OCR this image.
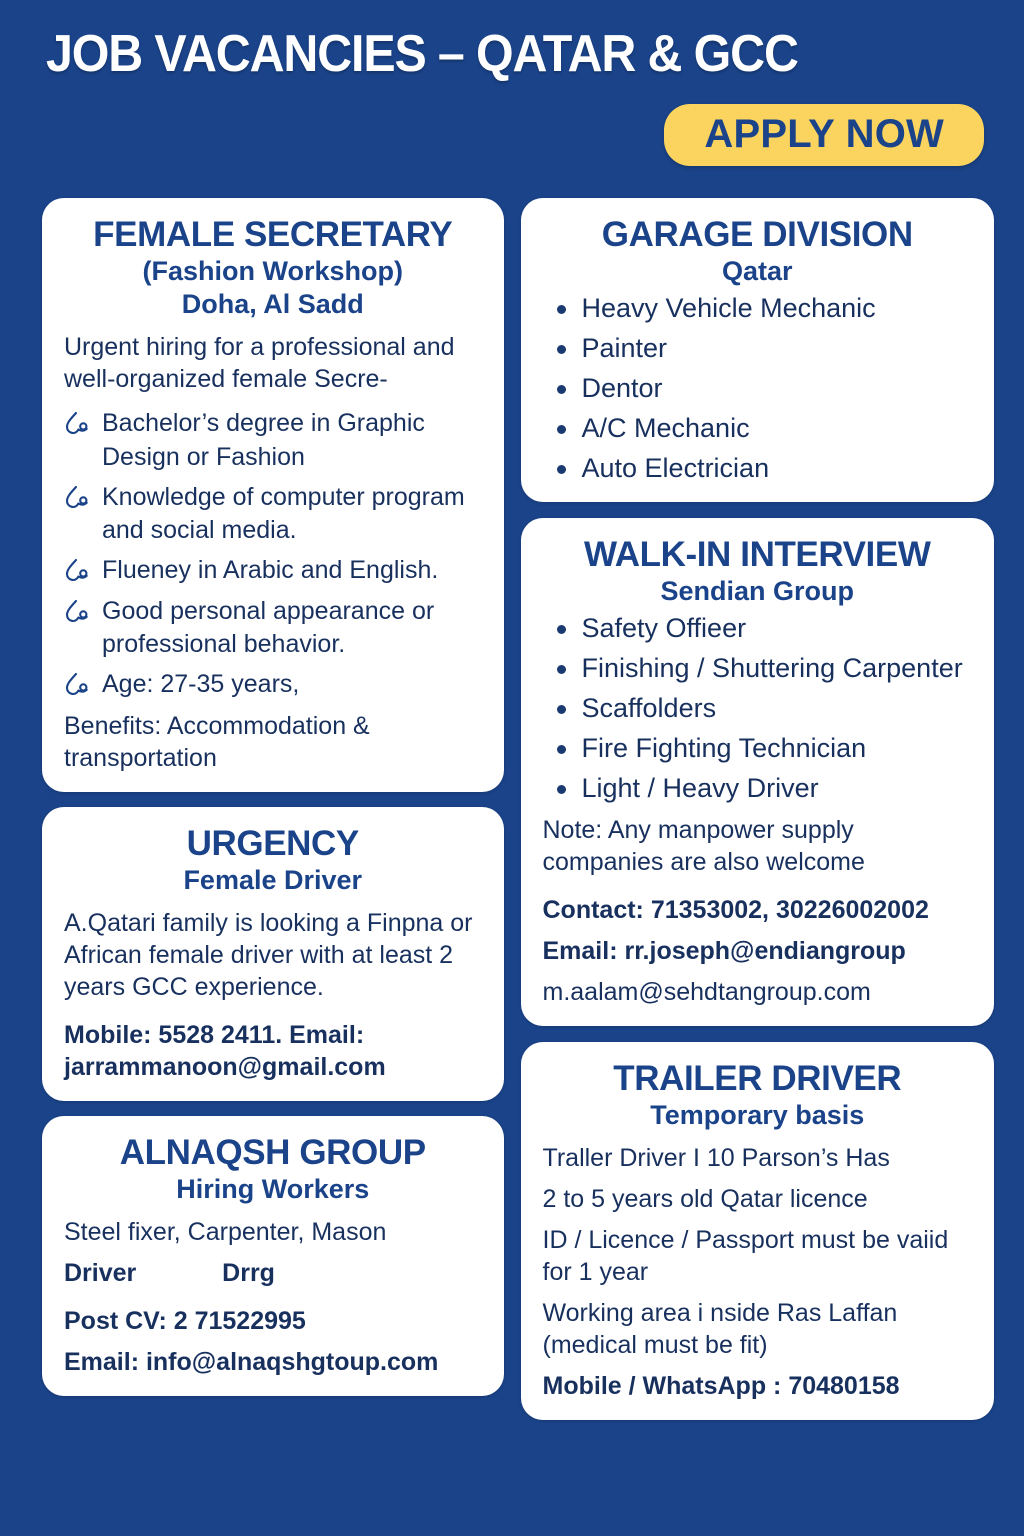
JOB VACANCIES – QATAR & GCC
APPLY NOW
FEMALE SECRETARY
(Fashion Workshop)
Doha, Al Sadd
Urgent hiring for a professional and well-organized female Secre-
Bachelor’s degree in Graphic Design or Fashion
Knowledge of computer program and social media.
Flueney in Arabic and English.
Good personal appearance or professional behavior.
Age: 27-35 years,
Benefits: Accommodation & transportation
URGENCY
Female Driver
A.Qatari family is looking a Finpna or African female driver with at least 2 years GCC experience.
Mobile: 5528 2411. Email: jarrammanoon@gmail.com
ALNAQSH GROUP
Hiring Workers
Steel fixer, Carpenter, Mason
Driver	Drrɡ
Post CV: 2 71522995
Email: info@alnaqshgtoup.com
GARAGE DIVISION
Qatar
Heavy Vehicle Mechanic
Painter
Dentor
A/C Mechanic
Auto Electrician
WALK-IN INTERVIEW
Sendian Group
Safety Offieer
Finishing / Shuttering Carpenter
Scaffolders
Fire Fighting Technician
Light / Heavy Driver
Note: Any manpower supply companies are also welcome
Contact: 71353002, 30226002002
Email: rr.joseph@endiangroup
m.aalam@sehdtangroup.com
TRAILER DRIVER
Temporary basis
Traller Driver I 10 Parson’s Has
2 to 5 years old Qatar licence
ID / Licence / Passport must be vaiid for 1 year
Working area i nside Ras Laffan (medical must be fit)
Mobile / WhatsApp : 70480158
